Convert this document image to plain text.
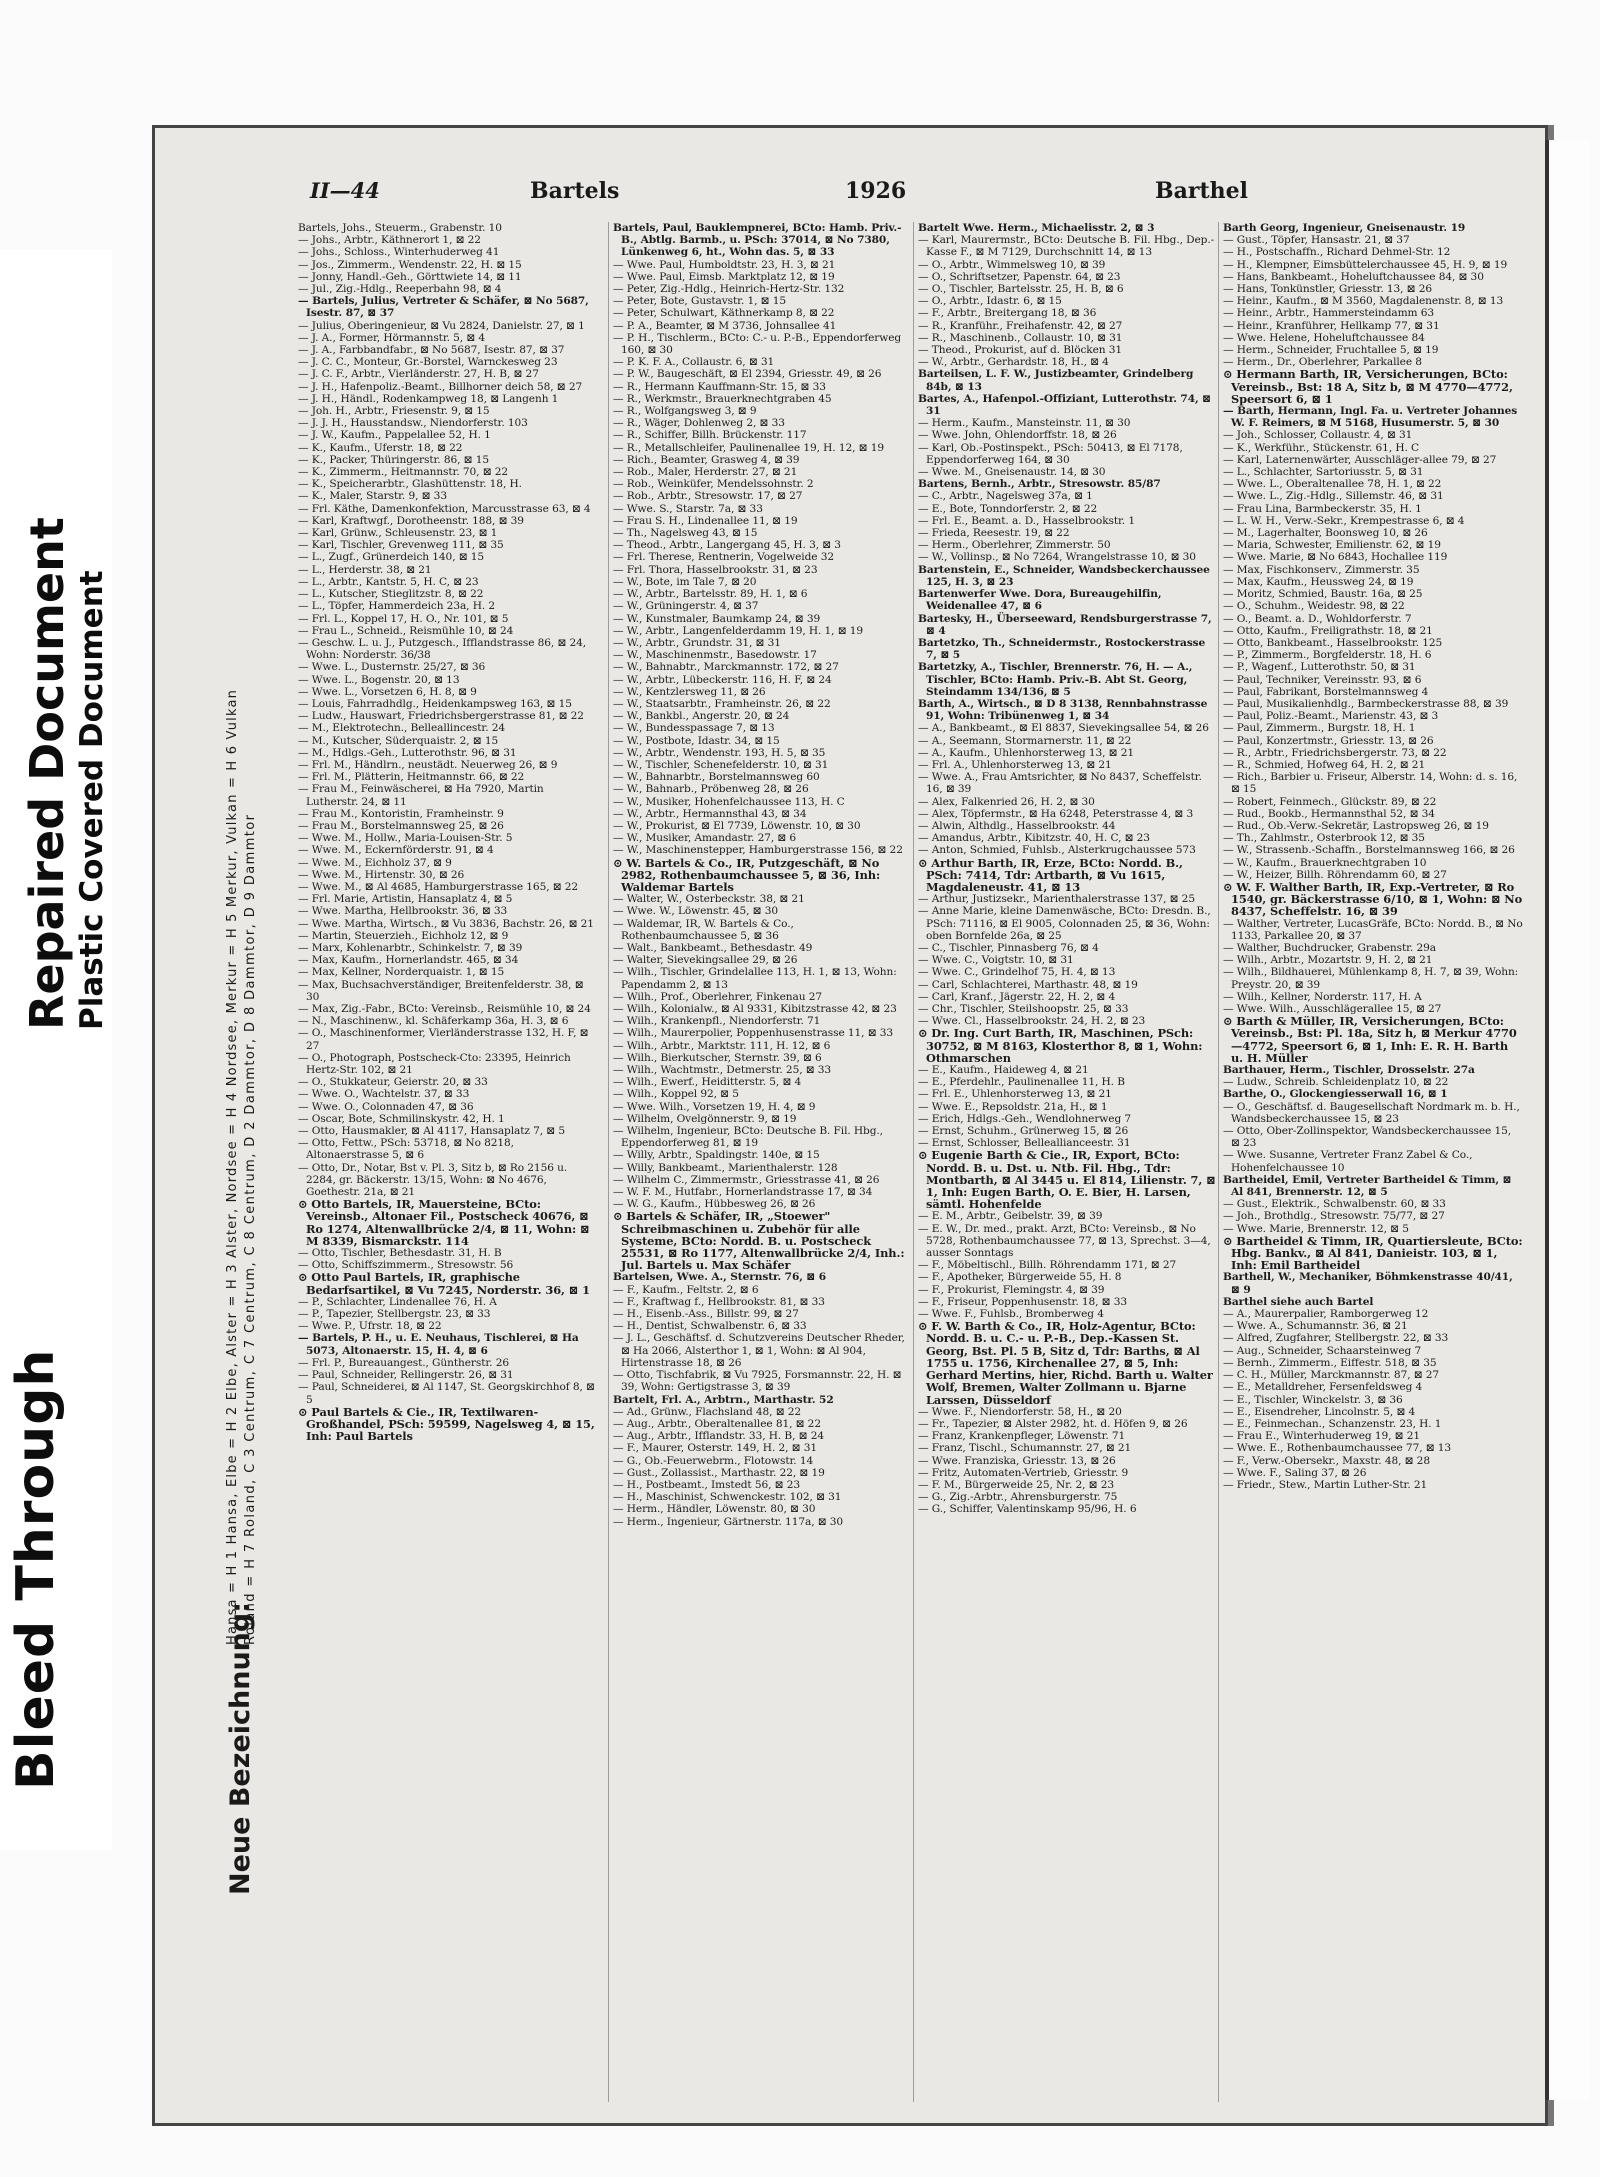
Bleed Through
Repaired Document Plastic Covered Document
Neue Bezeichnung:
Hansa = H 1 Hansa, Elbe = H 2 Elbe, Alster = H 3 Alster, Nordsee = H 4 Nordsee, Merkur = H 5 Merkur, Vulkan = H 6 Vulkan Roland = H 7 Roland, C 3 Centrum, C 7 Centrum, C 8 Centrum, D 2 Dammtor, D 8 Dammtor, D 9 Dammtor
II—44	Bartels	1926	Barthel

Bartels, Johs., Steuerm., Grabenstr. 10

— Johs., Arbtr., Käthnerort 1, ⊠ 22

— Johs., Schloss., Winterhuderweg 41

— Jos., Zimmerm., Wendenstr. 22, H. ⊠ 15

— Jonny, Handl.-Geh., Görttwiete 14, ⊠ 11

— Jul., Zig.-Hdlg., Reeperbahn 98, ⊠ 4

— Bartels, Julius, Vertreter & Schäfer, ⊠ No 5687, Isestr. 87, ⊠ 37

— Julius, Oberingenieur, ⊠ Vu 2824, Danielstr. 27, ⊠ 1

— J. A., Former, Hörmannstr. 5, ⊠ 4

— J. A., Farbbandfabr., ⊠ No 5687, Isestr. 87, ⊠ 37

— J. C. C., Monteur, Gr.-Borstel, Warnckesweg 23

— J. C. F., Arbtr., Vierländerstr. 27, H. B, ⊠ 27

— J. H., Hafenpoliz.-Beamt., Billhorner deich 58, ⊠ 27

— J. H., Händl., Rodenkampweg 18, ⊠ Langenh 1

— Joh. H., Arbtr., Friesenstr. 9, ⊠ 15

— J. J. H., Hausstandsw., Niendorferstr. 103

— J. W., Kaufm., Pappelallee 52, H. 1

— K., Kaufm., Uferstr. 18, ⊠ 22

— K., Packer, Thüringerstr. 86, ⊠ 15

— K., Zimmerm., Heitmannstr. 70, ⊠ 22

— K., Speicherarbtr., Glashüttenstr. 18, H.

— K., Maler, Starstr. 9, ⊠ 33

— Frl. Käthe, Damenkonfektion, Marcusstrasse 63, ⊠ 4

— Karl, Kraftwgf., Dorotheenstr. 188, ⊠ 39

— Karl, Grünw., Schleusenstr. 23, ⊠ 1

— Karl, Tischler, Grevenweg 111, ⊠ 35

— L., Zugf., Grünerdeich 140, ⊠ 15

— L., Herderstr. 38, ⊠ 21

— L., Arbtr., Kantstr. 5, H. C, ⊠ 23

— L., Kutscher, Stieglitzstr. 8, ⊠ 22

— L., Töpfer, Hammerdeich 23a, H. 2

— Frl. L., Koppel 17, H. O., Nr. 101, ⊠ 5

— Frau L., Schneid., Reismühle 10, ⊠ 24

— Geschw. L. u. J., Putzgesch., Ifflandstrasse 86, ⊠ 24, Wohn: Norderstr. 36/38

— Wwe. L., Dusternstr. 25/27, ⊠ 36

— Wwe. L., Bogenstr. 20, ⊠ 13

— Wwe. L., Vorsetzen 6, H. 8, ⊠ 9

— Louis, Fahrradhdlg., Heidenkampsweg 163, ⊠ 15

— Ludw., Hauswart, Friedrichsbergerstrasse 81, ⊠ 22

— M., Elektrotechn., Belleallincestr. 24

— M., Kutscher, Süderquaistr. 2, ⊠ 15

— M., Hdlgs.-Geh., Lutterothstr. 96, ⊠ 31

— Frl. M., Händlrn., neustädt. Neuerweg 26, ⊠ 9

— Frl. M., Plätterin, Heitmannstr. 66, ⊠ 22

— Frau M., Feinwäscherei, ⊠ Ha 7920, Martin Lutherstr. 24, ⊠ 11

— Frau M., Kontoristin, Framheinstr. 9

— Frau M., Borstelmannsweg 25, ⊠ 26

— Wwe. M., Hollw., Maria-Louisen-Str. 5

— Wwe. M., Eckernförderstr. 91, ⊠ 4

— Wwe. M., Eichholz 37, ⊠ 9

— Wwe. M., Hirtenstr. 30, ⊠ 26

— Wwe. M., ⊠ Al 4685, Hamburgerstrasse 165, ⊠ 22

— Frl. Marie, Artistin, Hansaplatz 4, ⊠ 5

— Wwe. Martha, Hellbrookstr. 36, ⊠ 33

— Wwe. Martha, Wirtsch., ⊠ Vu 3836, Bachstr. 26, ⊠ 21

— Martin, Steuerzieh., Eichholz 12, ⊠ 9

— Marx, Kohlenarbtr., Schinkelstr. 7, ⊠ 39

— Max, Kaufm., Hornerlandstr. 465, ⊠ 34

— Max, Kellner, Norderquaistr. 1, ⊠ 15

— Max, Buchsachverständiger, Breitenfelderstr. 38, ⊠ 30

— Max, Zig.-Fabr., BCto: Vereinsb., Reismühle 10, ⊠ 24

— N., Maschinenw., kl. Schäferkamp 36a, H. 3, ⊠ 6

— O., Maschinenformer, Vierländerstrasse 132, H. F, ⊠ 27

— O., Photograph, Postscheck-Cto: 23395, Heinrich Hertz-Str. 102, ⊠ 21

— O., Stukkateur, Geierstr. 20, ⊠ 33

— Wwe. O., Wachtelstr. 37, ⊠ 33

— Wwe. O., Colonnaden 47, ⊠ 36

— Oscar, Bote, Schmilinskystr. 42, H. 1

— Otto, Hausmakler, ⊠ Al 4117, Hansaplatz 7, ⊠ 5

— Otto, Fettw., PSch: 53718, ⊠ No 8218, Altonaerstrasse 5, ⊠ 6

— Otto, Dr., Notar, Bst v. Pl. 3, Sitz b, ⊠ Ro 2156 u. 2284, gr. Bäckerstr. 13/15, Wohn: ⊠ No 4676, Goethestr. 21a, ⊠ 21

⊙ Otto Bartels, IR, Mauersteine, BCto: Vereinsb., Altonaer Fil., Postscheck 40676, ⊠ Ro 1274, Altenwallbrücke 2/4, ⊠ 11, Wohn: ⊠ M 8339, Bismarckstr. 114

— Otto, Tischler, Bethesdastr. 31, H. B

— Otto, Schiffszimmerm., Stresowstr. 56

⊙ Otto Paul Bartels, IR, graphische Bedarfsartikel, ⊠ Vu 7245, Norderstr. 36, ⊠ 1

— P., Schlachter, Lindenallee 76, H. A

— P., Tapezier, Stellbergstr. 23, ⊠ 33

— Wwe. P., Ufrstr. 18, ⊠ 22

— Bartels, P. H., u. E. Neuhaus, Tischlerei, ⊠ Ha 5073, Altonaerstr. 15, H. 4, ⊠ 6

— Frl. P., Bureauangest., Güntherstr. 26

— Paul, Schneider, Rellingerstr. 26, ⊠ 31

— Paul, Schneiderei, ⊠ Al 1147, St. Georgskirchhof 8, ⊠ 5

⊙ Paul Bartels & Cie., IR, Textilwaren-Großhandel, PSch: 59599, Nagelsweg 4, ⊠ 15, Inh: Paul Bartels

Bartels, Paul, Bauklempnerei, BCto: Hamb. Priv.-B., Abtlg. Barmb., u. PSch: 37014, ⊠ No 7380, Lünkenweg 6, ht., Wohn das. 5, ⊠ 33

— Wwe. Paul, Humboldtstr. 23, H. 3, ⊠ 21

— Wwe. Paul, Eimsb. Marktplatz 12, ⊠ 19

— Peter, Zig.-Hdlg., Heinrich-Hertz-Str. 132

— Peter, Bote, Gustavstr. 1, ⊠ 15

— Peter, Schulwart, Käthnerkamp 8, ⊠ 22

— P. A., Beamter, ⊠ M 3736, Johnsallee 41

— P. H., Tischlerm., BCto: C.- u. P.-B., Eppendorferweg 160, ⊠ 30

— P. K. F. A., Collaustr. 6, ⊠ 31

— P. W., Baugeschäft, ⊠ El 2394, Griesstr. 49, ⊠ 26

— R., Hermann Kauffmann-Str. 15, ⊠ 33

— R., Werkmstr., Brauerknechtgraben 45

— R., Wolfgangsweg 3, ⊠ 9

— R., Wäger, Dohlenweg 2, ⊠ 33

— R., Schiffer, Billh. Brückenstr. 117

— R., Metallschleifer, Paulinenallee 19, H. 12, ⊠ 19

— Rich., Beamter, Grasweg 4, ⊠ 39

— Rob., Maler, Herderstr. 27, ⊠ 21

— Rob., Weinküfer, Mendelssohnstr. 2

— Rob., Arbtr., Stresowstr. 17, ⊠ 27

— Wwe. S., Starstr. 7a, ⊠ 33

— Frau S. H., Lindenallee 11, ⊠ 19

— Th., Nagelsweg 43, ⊠ 15

— Theod., Arbtr., Langergang 45, H. 3, ⊠ 3

— Frl. Therese, Rentnerin, Vogelweide 32

— Frl. Thora, Hasselbrookstr. 31, ⊠ 23

— W., Bote, im Tale 7, ⊠ 20

— W., Arbtr., Bartelsstr. 89, H. 1, ⊠ 6

— W., Grüningerstr. 4, ⊠ 37

— W., Kunstmaler, Baumkamp 24, ⊠ 39

— W., Arbtr., Langenfelderdamm 19, H. 1, ⊠ 19

— W., Arbtr., Grundstr. 31, ⊠ 31

— W., Maschinenmstr., Basedowstr. 17

— W., Bahnabtr., Marckmannstr. 172, ⊠ 27

— W., Arbtr., Lübeckerstr. 116, H. F, ⊠ 24

— W., Kentzlersweg 11, ⊠ 26

— W., Staatsarbtr., Framheinstr. 26, ⊠ 22

— W., Bankbl., Angerstr. 20, ⊠ 24

— W., Bundesspassage 7, ⊠ 13

— W., Postbote, Idastr. 34, ⊠ 15

— W., Arbtr., Wendenstr. 193, H. 5, ⊠ 35

— W., Tischler, Schenefelderstr. 10, ⊠ 31

— W., Bahnarbtr., Borstelmannsweg 60

— W., Bahnarb., Pröbenweg 28, ⊠ 26

— W., Musiker, Hohenfelchaussee 113, H. C

— W., Arbtr., Hermannsthal 43, ⊠ 34

— W., Prokurist, ⊠ El 7739, Löwenstr. 10, ⊠ 30

— W., Musiker, Amandastr. 27, ⊠ 6

— W., Maschinenstepper, Hamburgerstrasse 156, ⊠ 22

⊙ W. Bartels & Co., IR, Putzgeschäft, ⊠ No 2982, Rothenbaumchaussee 5, ⊠ 36, Inh: Waldemar Bartels

— Walter, W., Osterbeckstr. 38, ⊠ 21

— Wwe. W., Löwenstr. 45, ⊠ 30

— Waldemar, IR, W. Bartels & Co., Rothenbaumchaussee 5, ⊠ 36

— Walt., Bankbeamt., Bethesdastr. 49

— Walter, Sievekingsallee 29, ⊠ 26

— Wilh., Tischler, Grindelallee 113, H. 1, ⊠ 13, Wohn: Papendamm 2, ⊠ 13

— Wilh., Prof., Oberlehrer, Finkenau 27

— Wilh., Kolonialw., ⊠ Al 9331, Kibitzstrasse 42, ⊠ 23

— Wilh., Krankenpfl., Niendorferstr. 71

— Wilh., Maurerpolier, Poppenhusenstrasse 11, ⊠ 33

— Wilh., Arbtr., Marktstr. 111, H. 12, ⊠ 6

— Wilh., Bierkutscher, Sternstr. 39, ⊠ 6

— Wilh., Wachtmstr., Detmerstr. 25, ⊠ 33

— Wilh., Ewerf., Heiditterstr. 5, ⊠ 4

— Wilh., Koppel 92, ⊠ 5

— Wwe. Wilh., Vorsetzen 19, H. 4, ⊠ 9

— Wilhelm, Ovelgönnerstr. 9, ⊠ 19

— Wilhelm, Ingenieur, BCto: Deutsche B. Fil. Hbg., Eppendorferweg 81, ⊠ 19

— Willy, Arbtr., Spaldingstr. 140e, ⊠ 15

— Willy, Bankbeamt., Marienthalerstr. 128

— Wilhelm C., Zimmermstr., Griesstrasse 41, ⊠ 26

— W. F. M., Hutfabr., Hornerlandstrasse 17, ⊠ 34

— W. G., Kaufm., Hübbesweg 26, ⊠ 26

⊙ Bartels & Schäfer, IR, „Stoewer" Schreibmaschinen u. Zubehör für alle Systeme, BCto: Nordd. B. u. Postscheck 25531, ⊠ Ro 1177, Altenwallbrücke 2/4, Inh.: Jul. Bartels u. Max Schäfer

Bartelsen, Wwe. A., Sternstr. 76, ⊠ 6

— F., Kaufm., Feltstr. 2, ⊠ 6

— F., Kraftwag f., Hellbrookstr. 81, ⊠ 33

— H., Eisenb.-Ass., Billstr. 99, ⊠ 27

— H., Dentist, Schwalbenstr. 6, ⊠ 33

— J. L., Geschäftsf. d. Schutzvereins Deutscher Rheder, ⊠ Ha 2066, Alsterthor 1, ⊠ 1, Wohn: ⊠ Al 904, Hirtenstrasse 18, ⊠ 26

— Otto, Tischfabrik, ⊠ Vu 7925, Forsmannstr. 22, H. ⊠ 39, Wohn: Gertigstrasse 3, ⊠ 39

Bartelt, Frl. A., Arbtrn., Marthastr. 52

— Ad., Grünw., Flachsland 48, ⊠ 22

— Aug., Arbtr., Oberaltenallee 81, ⊠ 22

— Aug., Arbtr., Ifflandstr. 33, H. B, ⊠ 24

— F., Maurer, Osterstr. 149, H. 2, ⊠ 31

— G., Ob.-Feuerwebrm., Flotowstr. 14

— Gust., Zollassist., Marthastr. 22, ⊠ 19

— H., Postbeamt., Imstedt 56, ⊠ 23

— H., Maschinist, Schwenckestr. 102, ⊠ 31

— Herm., Händler, Löwenstr. 80, ⊠ 30

— Herm., Ingenieur, Gärtnerstr. 117a, ⊠ 30

Bartelt Wwe. Herm., Michaelisstr. 2, ⊠ 3

— Karl, Maurermstr., BCto: Deutsche B. Fil. Hbg., Dep.-Kasse F., ⊠ M 7129, Durchschnitt 14, ⊠ 13

— O., Arbtr., Wimmelsweg 10, ⊠ 39

— O., Schriftsetzer, Papenstr. 64, ⊠ 23

— O., Tischler, Bartelsstr. 25, H. B, ⊠ 6

— O., Arbtr., Idastr. 6, ⊠ 15

— F., Arbtr., Breitergang 18, ⊠ 36

— R., Kranführ., Freihafenstr. 42, ⊠ 27

— R., Maschinenb., Collaustr. 10, ⊠ 31

— Theod., Prokurist, auf d. Blöcken 31

— W., Arbtr., Gerhardstr. 18, H., ⊠ 4

Barteilsen, L. F. W., Justizbeamter, Grindelberg 84b, ⊠ 13

Bartes, A., Hafenpol.-Offiziant, Lutterothstr. 74, ⊠ 31

— Herm., Kaufm., Mansteinstr. 11, ⊠ 30

— Wwe. John, Ohlendorffstr. 18, ⊠ 26

— Karl, Ob.-Postinspekt., PSch: 50413, ⊠ El 7178, Eppendorferweg 164, ⊠ 30

— Wwe. M., Gneisenaustr. 14, ⊠ 30

Bartens, Bernh., Arbtr., Stresowstr. 85/87

— C., Arbtr., Nagelsweg 37a, ⊠ 1

— E., Bote, Tonndorferstr. 2, ⊠ 22

— Frl. E., Beamt. a. D., Hasselbrookstr. 1

— Frieda, Reesestr. 19, ⊠ 22

— Herm., Oberlehrer, Zimmerstr. 50

— W., Vollinsp., ⊠ No 7264, Wrangelstrasse 10, ⊠ 30

Bartenstein, E., Schneider, Wandsbeckerchaussee 125, H. 3, ⊠ 23

Bartenwerfer Wwe. Dora, Bureaugehilfin, Weidenallee 47, ⊠ 6

Bartesky, H., Überseeward, Rendsburgerstrasse 7, ⊠ 4

Bartetzko, Th., Schneidermstr., Rostockerstrasse 7, ⊠ 5

Bartetzky, A., Tischler, Brennerstr. 76, H. — A., Tischler, BCto: Hamb. Priv.-B. Abt St. Georg, Steindamm 134/136, ⊠ 5

Barth, A., Wirtsch., ⊠ D 8 3138, Rennbahnstrasse 91, Wohn: Tribünenweg 1, ⊠ 34

— A., Bankbeamt., ⊠ El 8837, Sievekingsallee 54, ⊠ 26

— A., Seemann, Stormarnerstr. 11, ⊠ 22

— A., Kaufm., Uhlenhorsterweg 13, ⊠ 21

— Frl. A., Uhlenhorsterweg 13, ⊠ 21

— Wwe. A., Frau Amtsrichter, ⊠ No 8437, Scheffelstr. 16, ⊠ 39

— Alex, Falkenried 26, H. 2, ⊠ 30

— Alex, Töpfermstr., ⊠ Ha 6248, Peterstrasse 4, ⊠ 3

— Alwin, Althdlg., Hasselbrookstr. 44

— Amandus, Arbtr., Kibitzstr. 40, H. C, ⊠ 23

— Anton, Schmied, Fuhlsb., Alsterkrugchaussee 573

⊙ Arthur Barth, IR, Erze, BCto: Nordd. B., PSch: 7414, Tdr: Artbarth, ⊠ Vu 1615, Magdaleneustr. 41, ⊠ 13

— Arthur, Justizsekr., Marienthalerstrasse 137, ⊠ 25

— Anne Marie, kleine Damenwäsche, BCto: Dresdn. B., PSch: 71116, ⊠ El 9005, Colonnaden 25, ⊠ 36, Wohn: oben Bornfelde 26a, ⊠ 25

— C., Tischler, Pinnasberg 76, ⊠ 4

— Wwe. C., Voigtstr. 10, ⊠ 31

— Wwe. C., Grindelhof 75, H. 4, ⊠ 13

— Carl, Schlachterei, Marthastr. 48, ⊠ 19

— Carl, Kranf., Jägerstr. 22, H. 2, ⊠ 4

— Chr., Tischler, Steilshoopstr. 25, ⊠ 33

— Wwe. Cl., Hasselbrookstr. 24, H. 2, ⊠ 23

⊙ Dr. Ing. Curt Barth, IR, Maschinen, PSch: 30752, ⊠ M 8163, Klosterthor 8, ⊠ 1, Wohn: Othmarschen

— E., Kaufm., Haideweg 4, ⊠ 21

— E., Pferdehlr., Paulinenallee 11, H. B

— Frl. E., Uhlenhorsterweg 13, ⊠ 21

— Wwe. E., Repsoldstr. 21a, H., ⊠ 1

— Erich, Hdlgs.-Geh., Wendlohnerweg 7

— Ernst, Schuhm., Grünerweg 15, ⊠ 26

— Ernst, Schlosser, Belleallianceestr. 31

⊙ Eugenie Barth & Cie., IR, Export, BCto: Nordd. B. u. Dst. u. Ntb. Fil. Hbg., Tdr: Montbarth, ⊠ Al 3445 u. El 814, Lilienstr. 7, ⊠ 1, Inh: Eugen Barth, O. E. Bier, H. Larsen, sämtl. Hohenfelde

— E. M., Arbtr., Geibelstr. 39, ⊠ 39

— E. W., Dr. med., prakt. Arzt, BCto: Vereinsb., ⊠ No 5728, Rothenbaumchaussee 77, ⊠ 13, Sprechst. 3—4, ausser Sonntags

— F., Möbeltischl., Billh. Röhrendamm 171, ⊠ 27

— F., Apotheker, Bürgerweide 55, H. 8

— F., Prokurist, Flemingstr. 4, ⊠ 39

— F., Friseur, Poppenhusenstr. 18, ⊠ 33

— Wwe. F., Fuhlsb., Bromberweg 4

⊙ F. W. Barth & Co., IR, Holz-Agentur, BCto: Nordd. B. u. C.- u. P.-B., Dep.-Kassen St. Georg, Bst. Pl. 5 B, Sitz d, Tdr: Barths, ⊠ Al 1755 u. 1756, Kirchenallee 27, ⊠ 5, Inh: Gerhard Mertins, hier, Richd. Barth u. Walter Wolf, Bremen, Walter Zollmann u. Bjarne Larssen, Düsseldorf

— Wwe. F., Niendorferstr. 58, H., ⊠ 20

— Fr., Tapezier, ⊠ Alster 2982, ht. d. Höfen 9, ⊠ 26

— Franz, Krankenpfleger, Löwenstr. 71

— Franz, Tischl., Schumannstr. 27, ⊠ 21

— Wwe. Franziska, Griesstr. 13, ⊠ 26

— Fritz, Automaten-Vertrieb, Griesstr. 9

— F. M., Bürgerweide 25, Nr. 2, ⊠ 23

— G., Zig.-Arbtr., Ahrensburgerstr. 75

— G., Schiffer, Valentinskamp 95/96, H. 6

Barth Georg, Ingenieur, Gneisenaustr. 19

— Gust., Töpfer, Hansastr. 21, ⊠ 37

— H., Postschaffn., Richard Dehmel-Str. 12

— H., Klempner, Eimsbüttelerchaussee 45, H. 9, ⊠ 19

— Hans, Bankbeamt., Hoheluftchaussee 84, ⊠ 30

— Hans, Tonkünstler, Griesstr. 13, ⊠ 26

— Heinr., Kaufm., ⊠ M 3560, Magdalenenstr. 8, ⊠ 13

— Heinr., Arbtr., Hammersteindamm 63

— Heinr., Kranführer, Hellkamp 77, ⊠ 31

— Wwe. Helene, Hoheluftchaussee 84

— Herm., Schneider, Fruchtallee 5, ⊠ 19

— Herm., Dr., Oberlehrer, Parkallee 8

⊙ Hermann Barth, IR, Versicherungen, BCto: Vereinsb., Bst: 18 A, Sitz b, ⊠ M 4770—4772, Speersort 6, ⊠ 1

— Barth, Hermann, Ingl. Fa. u. Vertreter Johannes W. F. Reimers, ⊠ M 5168, Husumerstr. 5, ⊠ 30

— Joh., Schlosser, Collaustr. 4, ⊠ 31

— K., Werkführ., Stückenstr. 61, H. C

— Karl, Laternenwärter, Ausschläger-allee 79, ⊠ 27

— L., Schlachter, Sartoriusstr. 5, ⊠ 31

— Wwe. L., Oberaltenallee 78, H. 1, ⊠ 22

— Wwe. L., Zig.-Hdlg., Sillemstr. 46, ⊠ 31

— Frau Lina, Barmbeckerstr. 35, H. 1

— L. W. H., Verw.-Sekr., Krempestrasse 6, ⊠ 4

— M., Lagerhalter, Boonsweg 10, ⊠ 26

— Maria, Schwester, Emilienstr. 62, ⊠ 19

— Wwe. Marie, ⊠ No 6843, Hochallee 119

— Max, Fischkonserv., Zimmerstr. 35

— Max, Kaufm., Heussweg 24, ⊠ 19

— Moritz, Schmied, Baustr. 16a, ⊠ 25

— O., Schuhm., Weidestr. 98, ⊠ 22

— O., Beamt. a. D., Wohldorferstr. 7

— Otto, Kaufm., Freiligrathstr. 18, ⊠ 21

— Otto, Bankbeamt., Hasselbrookstr. 125

— P., Zimmerm., Borgfelderstr. 18, H. 6

— P., Wagenf., Lutterothstr. 50, ⊠ 31

— Paul, Techniker, Vereinsstr. 93, ⊠ 6

— Paul, Fabrikant, Borstelmannsweg 4

— Paul, Musikalienhdlg., Barmbeckerstrasse 88, ⊠ 39

— Paul, Poliz.-Beamt., Marienstr. 43, ⊠ 3

— Paul, Zimmerm., Burgstr. 18, H. 1

— Paul, Konzertmstr., Griesstr. 13, ⊠ 26

— R., Arbtr., Friedrichsbergerstr. 73, ⊠ 22

— R., Schmied, Hofweg 64, H. 2, ⊠ 21

— Rich., Barbier u. Friseur, Alberstr. 14, Wohn: d. s. 16, ⊠ 15

— Robert, Feinmech., Glückstr. 89, ⊠ 22

— Rud., Bookb., Hermannsthal 52, ⊠ 34

— Rud., Ob.-Verw.-Sekretär, Lastropsweg 26, ⊠ 19

— Th., Zahlmstr., Osterbrook 12, ⊠ 35

— W., Strassenb.-Schaffn., Borstelmannsweg 166, ⊠ 26

— W., Kaufm., Brauerknechtgraben 10

— W., Heizer, Billh. Röhrendamm 60, ⊠ 27

⊙ W. F. Walther Barth, IR, Exp.-Vertreter, ⊠ Ro 1540, gr. Bäckerstrasse 6/10, ⊠ 1, Wohn: ⊠ No 8437, Scheffelstr. 16, ⊠ 39

— Walther, Vertreter, LucasGräfe, BCto: Nordd. B., ⊠ No 1133, Parkallee 20, ⊠ 37

— Walther, Buchdrucker, Grabenstr. 29a

— Wilh., Arbtr., Mozartstr. 9, H. 2, ⊠ 21

— Wilh., Bildhauerei, Mühlenkamp 8, H. 7, ⊠ 39, Wohn: Preystr. 20, ⊠ 39

— Wilh., Kellner, Norderstr. 117, H. A

— Wwe. Wilh., Ausschlägerallee 15, ⊠ 27

⊙ Barth & Müller, IR, Versicherungen, BCto: Vereinsb., Bst: Pl. 18a, Sitz h, ⊠ Merkur 4770—4772, Speersort 6, ⊠ 1, Inh: E. R. H. Barth u. H. Müller

Barthauer, Herm., Tischler, Drosselstr. 27a

— Ludw., Schreib. Schleidenplatz 10, ⊠ 22

Barthe, O., Glockengiesserwall 16, ⊠ 1

— O., Geschäftsf. d. Baugesellschaft Nordmark m. b. H., Wandsbeckerchaussee 15, ⊠ 23

— Otto, Ober-Zollinspektor, Wandsbeckerchaussee 15, ⊠ 23

— Wwe. Susanne, Vertreter Franz Zabel & Co., Hohenfelchaussee 10

Bartheidel, Emil, Vertreter Bartheidel & Timm, ⊠ Al 841, Brennerstr. 12, ⊠ 5

— Gust., Elektrik., Schwalbenstr. 60, ⊠ 33

— Joh., Brothdlg., Stresowstr. 75/77, ⊠ 27

— Wwe. Marie, Brennerstr. 12, ⊠ 5

⊙ Bartheidel & Timm, IR, Quartiersleute, BCto: Hbg. Bankv., ⊠ Al 841, Danieistr. 103, ⊠ 1, Inh: Emil Bartheidel

Barthell, W., Mechaniker, Böhmkenstrasse 40/41, ⊠ 9

Barthel siehe auch Bartel

— A., Maurerpalier, Ramborgerweg 12

— Wwe. A., Schumannstr. 36, ⊠ 21

— Alfred, Zugfahrer, Stellbergstr. 22, ⊠ 33

— Aug., Schneider, Schaarsteinweg 7

— Bernh., Zimmerm., Eiffestr. 518, ⊠ 35

— C. H., Müller, Marckmannstr. 87, ⊠ 27

— E., Metalldreher, Fersenfeldsweg 4

— E., Tischler, Winckelstr. 3, ⊠ 36

— E., Eisendreher, Lincolnstr. 5, ⊠ 4

— E., Feinmechan., Schanzenstr. 23, H. 1

— Frau E., Winterhuderweg 19, ⊠ 21

— Wwe. E., Rothenbaumchaussee 77, ⊠ 13

— F., Verw.-Obersekr., Maxstr. 48, ⊠ 28

— Wwe. F., Saling 37, ⊠ 26

— Friedr., Stew., Martin Luther-Str. 21
